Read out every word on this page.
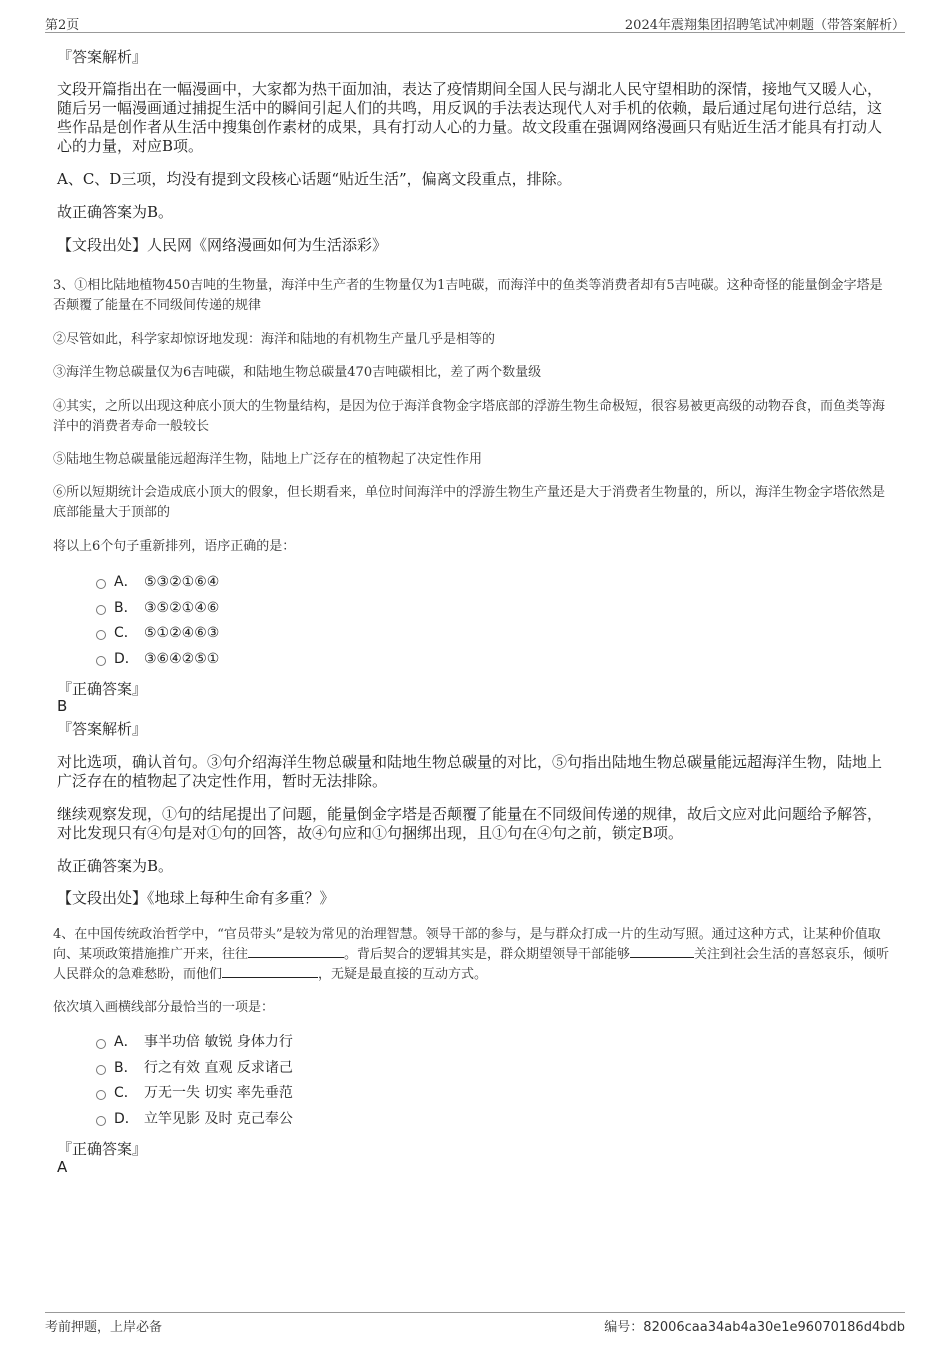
第2页	2024年震翔集团招聘笔试冲刺题（带答案解析）
『答案解析』
文段开篇指出在一幅漫画中，大家都为热干面加油，表达了疫情期间全国人民与湖北人民守望相助的深情，接地气又暖人心，随后另一幅漫画通过捕捉生活中的瞬间引起人们的共鸣，用反讽的手法表达现代人对手机的依赖，最后通过尾句进行总结，这些作品是创作者从生活中搜集创作素材的成果，具有打动人心的力量。故文段重在强调网络漫画只有贴近生活才能具有打动人心的力量，对应B项。
A、C、D三项，均没有提到文段核心话题“贴近生活”，偏离文段重点，排除。
故正确答案为B。
【文段出处】人民网《网络漫画如何为生活添彩》
3、①相比陆地植物450吉吨的生物量，海洋中生产者的生物量仅为1吉吨碳，而海洋中的鱼类等消费者却有5吉吨碳。这种奇怪的能量倒金字塔是否颠覆了能量在不同级间传递的规律
②尽管如此，科学家却惊讶地发现：海洋和陆地的有机物生产量几乎是相等的
③海洋生物总碳量仅为6吉吨碳，和陆地生物总碳量470吉吨碳相比，差了两个数量级
④其实，之所以出现这种底小顶大的生物量结构，是因为位于海洋食物金字塔底部的浮游生物生命极短，很容易被更高级的动物吞食，而鱼类等海洋中的消费者寿命一般较长
⑤陆地生物总碳量能远超海洋生物，陆地上广泛存在的植物起了决定性作用
⑥所以短期统计会造成底小顶大的假象，但长期看来，单位时间海洋中的浮游生物生产量还是大于消费者生物量的，所以，海洋生物金字塔依然是底部能量大于顶部的
将以上6个句子重新排列，语序正确的是：
A． ⑤③②①⑥④
B． ③⑤②①④⑥
C． ⑤①②④⑥③
D． ③⑥④②⑤①
『正确答案』
B
『答案解析』
对比选项，确认首句。③句介绍海洋生物总碳量和陆地生物总碳量的对比，⑤句指出陆地生物总碳量能远超海洋生物，陆地上广泛存在的植物起了决定性作用，暂时无法排除。
继续观察发现，①句的结尾提出了问题，能量倒金字塔是否颠覆了能量在不同级间传递的规律，故后文应对此问题给予解答，对比发现只有④句是对①句的回答，故④句应和①句捆绑出现，且①句在④句之前，锁定B项。
故正确答案为B。
【文段出处】《地球上每种生命有多重？》
4、在中国传统政治哲学中，“官员带头”是较为常见的治理智慧。领导干部的参与，是与群众打成一片的生动写照。通过这种方式，让某种价值取向、某项政策措施推广开来，往往	。背后契合的逻辑其实是，群众期望领导干部能够	关注到社会生活的喜怒哀乐，倾听人民群众的急难愁盼，而他们	，无疑是最直接的互动方式。
依次填入画横线部分最恰当的一项是：
A． 事半功倍 敏锐 身体力行
B． 行之有效 直观 反求诸己
C． 万无一失 切实 率先垂范
D． 立竿见影 及时 克己奉公
『正确答案』
A
考前押题，上岸必备	编号：82006caa34ab4a30e1e96070186d4bdb
